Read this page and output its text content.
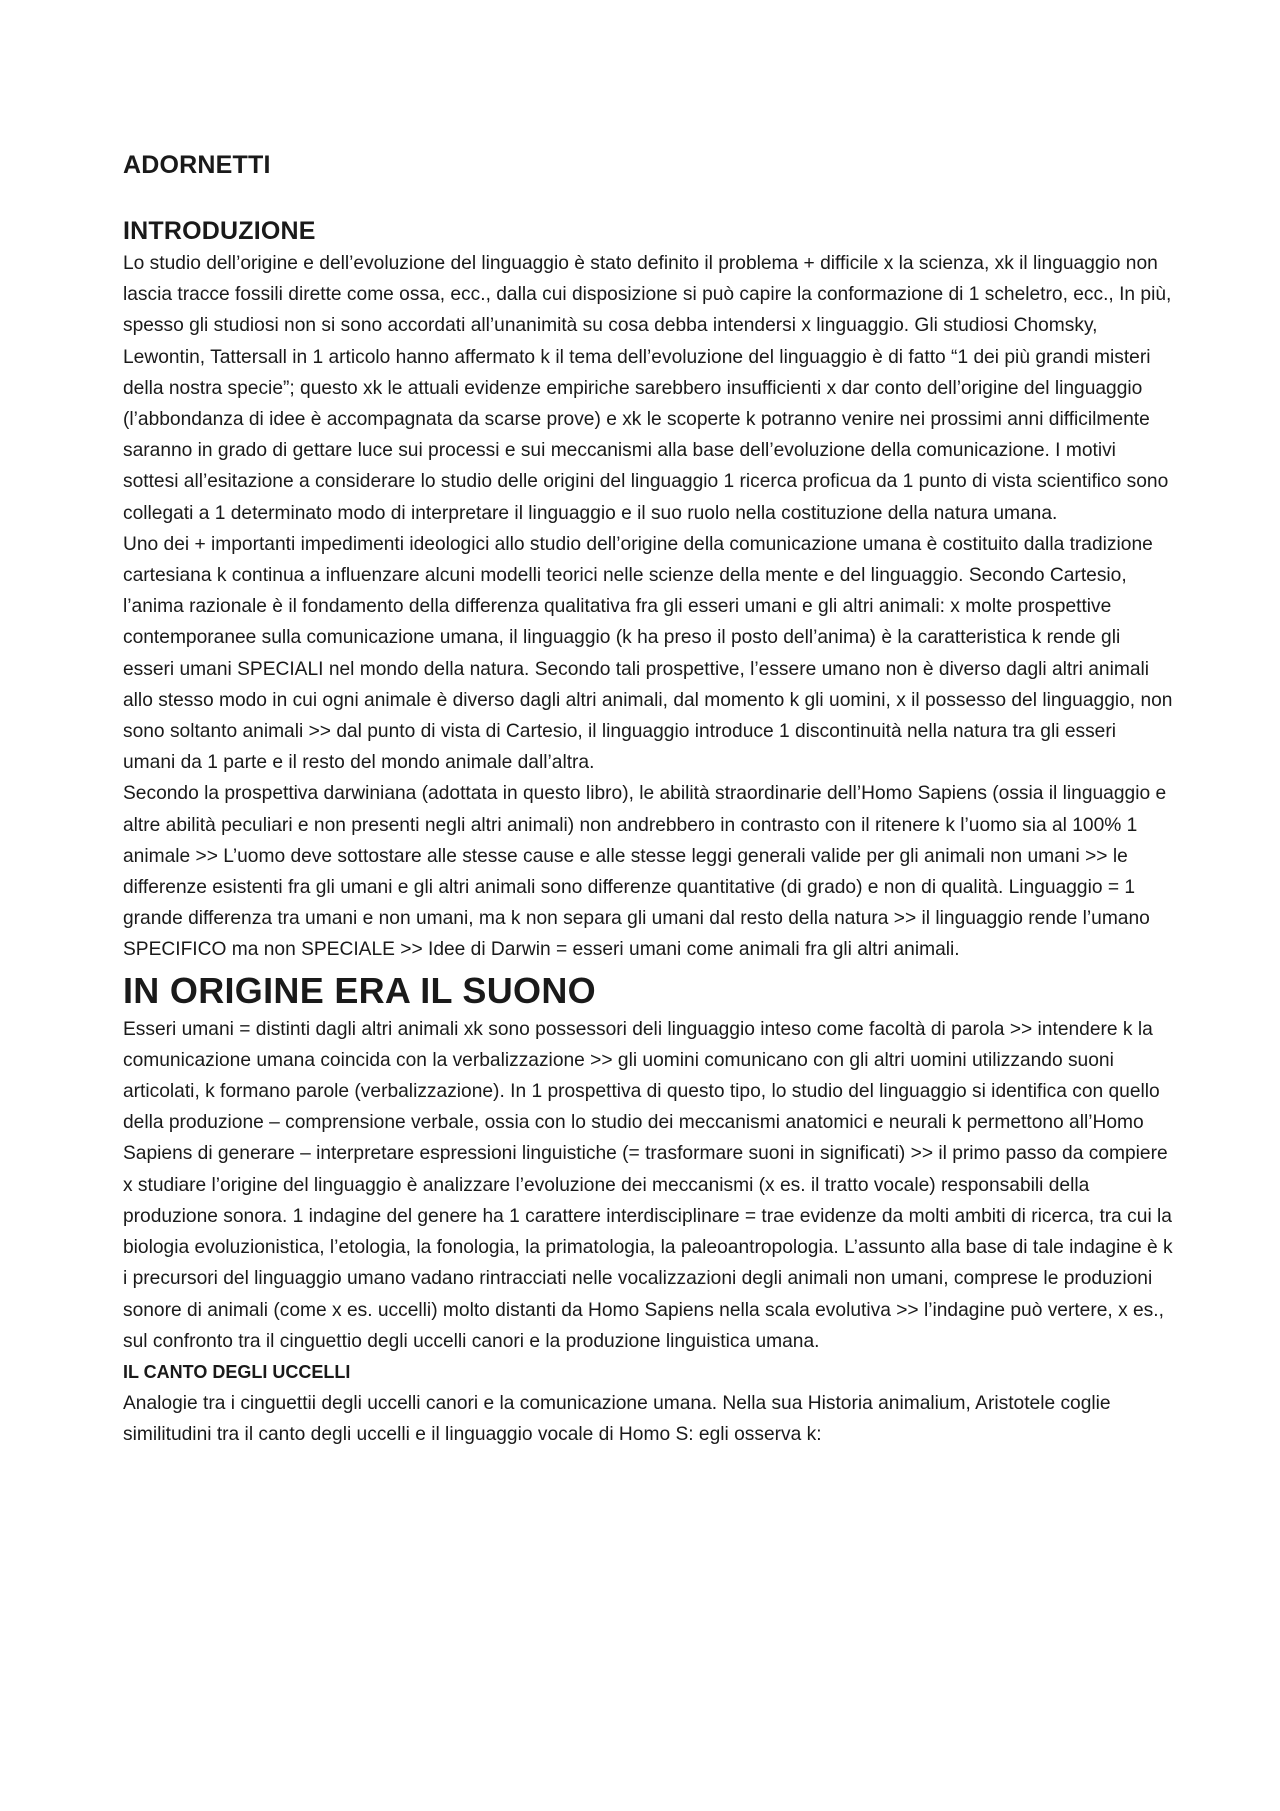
ADORNETTI
INTRODUZIONE

Lo studio dell’origine e dell’evoluzione del linguaggio è stato definito il problema + difficile x la scienza, xk il linguaggio non lascia tracce fossili dirette come ossa, ecc., dalla cui disposizione si può capire la conformazione di 1 scheletro, ecc., In più, spesso gli studiosi non si sono accordati all’unanimità su cosa debba intendersi x linguaggio. Gli studiosi Chomsky, Lewontin, Tattersall in 1 articolo hanno affermato k il tema dell’evoluzione del linguaggio è di fatto “1 dei più grandi misteri della nostra specie”; questo xk le attuali evidenze empiriche sarebbero insufficienti x dar conto dell’origine del linguaggio (l’abbondanza di idee è accompagnata da scarse prove) e xk le scoperte k potranno venire nei prossimi anni difficilmente saranno in grado di gettare luce sui processi e sui meccanismi alla base dell’evoluzione della comunicazione. I motivi sottesi all’esitazione a considerare lo studio delle origini del linguaggio 1 ricerca proficua da 1 punto di vista scientifico sono collegati a 1 determinato modo di interpretare il linguaggio e il suo ruolo nella costituzione della natura umana.

Uno dei + importanti impedimenti ideologici allo studio dell’origine della comunicazione umana è costituito dalla tradizione cartesiana k continua a influenzare alcuni modelli teorici nelle scienze della mente e del linguaggio. Secondo Cartesio, l’anima razionale è il fondamento della differenza qualitativa fra gli esseri umani e gli altri animali: x molte prospettive contemporanee sulla comunicazione umana, il linguaggio (k ha preso il posto dell’anima) è la caratteristica k rende gli esseri umani SPECIALI nel mondo della natura. Secondo tali prospettive, l’essere umano non è diverso dagli altri animali allo stesso modo in cui ogni animale è diverso dagli altri animali, dal momento k gli uomini, x il possesso del linguaggio, non sono soltanto animali >> dal punto di vista di Cartesio, il linguaggio introduce 1 discontinuità nella natura tra gli esseri umani da 1 parte e il resto del mondo animale dall’altra.

Secondo la prospettiva darwiniana (adottata in questo libro), le abilità straordinarie dell’Homo Sapiens (ossia il linguaggio e altre abilità peculiari e non presenti negli altri animali) non andrebbero in contrasto con il ritenere k l’uomo sia al 100% 1 animale >> L’uomo deve sottostare alle stesse cause e alle stesse leggi generali valide per gli animali non umani >> le differenze esistenti fra gli umani e gli altri animali sono differenze quantitative (di grado) e non di qualità. Linguaggio = 1 grande differenza tra umani e non umani, ma k non separa gli umani dal resto della natura >> il linguaggio rende l’umano SPECIFICO ma non SPECIALE >> Idee di Darwin = esseri umani come animali fra gli altri animali.

IN ORIGINE ERA IL SUONO

Esseri umani = distinti dagli altri animali xk sono possessori deli linguaggio inteso come facoltà di parola >> intendere k la comunicazione umana coincida con la verbalizzazione >> gli uomini comunicano con gli altri uomini utilizzando suoni articolati, k formano parole (verbalizzazione). In 1 prospettiva di questo tipo, lo studio del linguaggio si identifica con quello della produzione – comprensione verbale, ossia con lo studio dei meccanismi anatomici e neurali k permettono all’Homo Sapiens di generare – interpretare espressioni linguistiche (= trasformare suoni in significati) >> il primo passo da compiere x studiare l’origine del linguaggio è analizzare l’evoluzione dei meccanismi (x es. il tratto vocale) responsabili della produzione sonora. 1 indagine del genere ha 1 carattere interdisciplinare = trae evidenze da molti ambiti di ricerca, tra cui la biologia evoluzionistica, l’etologia, la fonologia, la primatologia, la paleoantropologia. L’assunto alla base di tale indagine è k i precursori del linguaggio umano vadano rintracciati nelle vocalizzazioni degli animali non umani, comprese le produzioni sonore di animali (come x es. uccelli) molto distanti da Homo Sapiens nella scala evolutiva >> l’indagine può vertere, x es., sul confronto tra il cinguettio degli uccelli canori e la produzione linguistica umana.

IL CANTO DEGLI UCCELLI

Analogie tra i cinguettii degli uccelli canori e la comunicazione umana. Nella sua Historia animalium, Aristotele coglie similitudini tra il canto degli uccelli e il linguaggio vocale di Homo S: egli osserva k:
